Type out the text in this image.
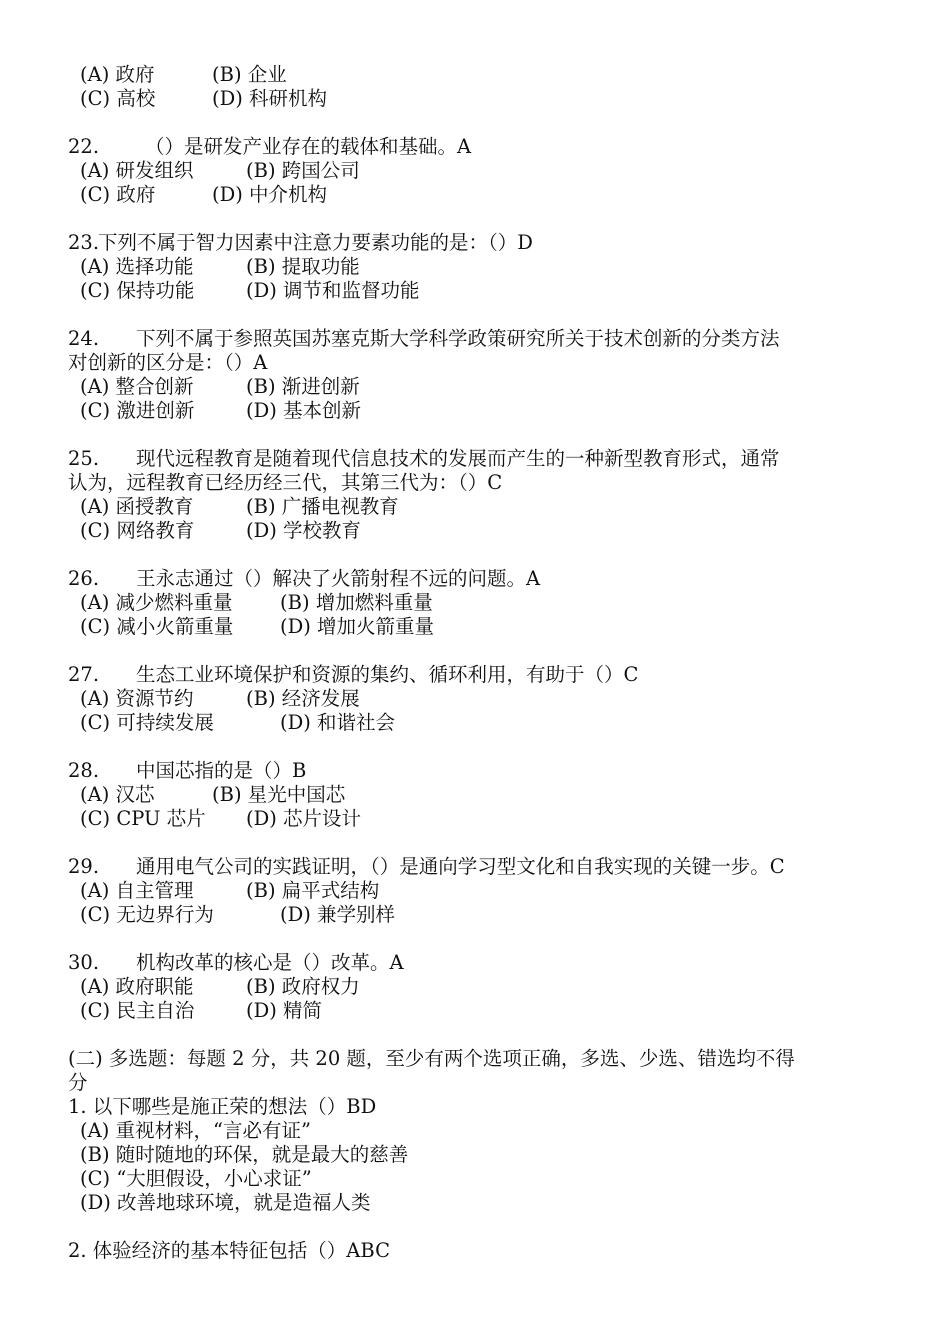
(A) 政府	(B) 企业
(C) 高校	(D) 科研机构
22. （）是研发产业存在的载体和基础。A
(A) 研发组织	(B) 跨国公司
(C) 政府	(D) 中介机构
23.
下列不属于智力因素中注意力要素功能的是：（）D
(A) 选择功能	(B) 提取功能
(C) 保持功能	(D) 调节和监督功能
24. 下列不属于参照英国苏塞克斯大学科学政策研究所关于技术创新的分类方法
对创新的区分是：（）A
(A) 整合创新	(B) 渐进创新
(C) 激进创新	(D) 基本创新
25. 现代远程教育是随着现代信息技术的发展而产生的一种新型教育形式，通常
认为，远程教育已经历经三代，其第三代为：（）C
(A) 函授教育	(B) 广播电视教育
(C) 网络教育	(D) 学校教育
26. 王永志通过（）解决了火箭射程不远的问题。A
(A) 减少燃料重量 (B) 增加燃料重量
(C) 减小火箭重量 (D) 增加火箭重量
27. 生态工业环境保护和资源的集约、循环利用，有助于（）C
(A) 资源节约	(B) 经济发展
(C) 可持续发展	(D) 和谐社会
28. 中国芯指的是（）B
(A) 汉芯	(B) 星光中国芯
(C) CPU 芯片 (D) 芯片设计
29. 通用电气公司的实践证明，（）是通向学习型文化和自我实现的关键一步。C
(A) 自主管理	(B) 扁平式结构
(C) 无边界行为	(D) 兼学别样
30. 机构改革的核心是（）改革。A
(A) 政府职能	(B) 政府权力
(C) 民主自治	(D) 精简
(二) 多选题：每题 2 分，共 20 题，至少有两个选项正确，多选、少选、错选均不得
分
1. 以下哪些是施正荣的想法（）BD
(A) 重视材料，“言必有证”
(B) 随时随地的环保，就是最大的慈善
(C) “大胆假设，小心求证”
(D) 改善地球环境，就是造福人类
2. 体验经济的基本特征包括（）ABC
